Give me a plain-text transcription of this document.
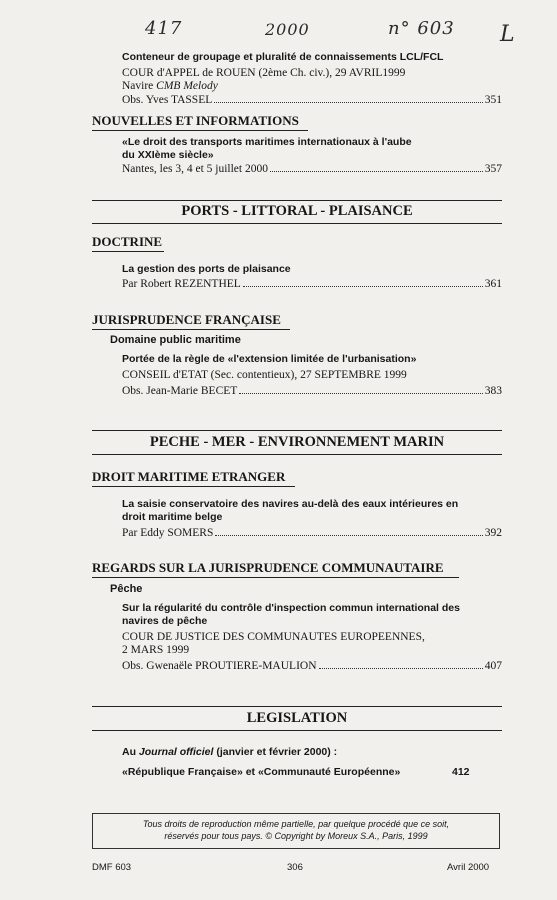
417	2000	n° 603 L
Conteneur de groupage et pluralité de connaissements LCL/FCL
COUR d'APPEL de ROUEN (2ème Ch. civ.), 29 AVRIL1999
Navire CMB Melody
Obs. Yves TASSEL	351
NOUVELLES ET INFORMATIONS
«Le droit des transports maritimes internationaux à l'aube
du XXIème siècle»
Nantes, les 3, 4 et 5 juillet 2000	357
PORTS - LITTORAL - PLAISANCE
DOCTRINE
La gestion des ports de plaisance
Par Robert REZENTHEL	361
JURISPRUDENCE FRANÇAISE
Domaine public maritime
Portée de la règle de «l'extension limitée de l'urbanisation»
CONSEIL d'ETAT (Sec. contentieux), 27 SEPTEMBRE 1999
Obs. Jean-Marie BECET	383
PECHE - MER - ENVIRONNEMENT MARIN
DROIT MARITIME ETRANGER
La saisie conservatoire des navires au-delà des eaux intérieures en
droit maritime belge
Par Eddy SOMERS	392
REGARDS SUR LA JURISPRUDENCE COMMUNAUTAIRE
Pêche
Sur la régularité du contrôle d'inspection commun international des
navires de pêche
COUR DE JUSTICE DES COMMUNAUTES EUROPEENNES,
2 MARS 1999
Obs. Gwenaële PROUTIERE-MAULION	407
LEGISLATION
Au Journal officiel (janvier et février 2000) :
«République Française» et «Communauté Européenne»	412
Tous droits de reproduction même partielle, par quelque procédé que ce soit,
réservés pour tous pays. © Copyright by Moreux S.A., Paris, 1999
DMF 603	306	Avril 2000
